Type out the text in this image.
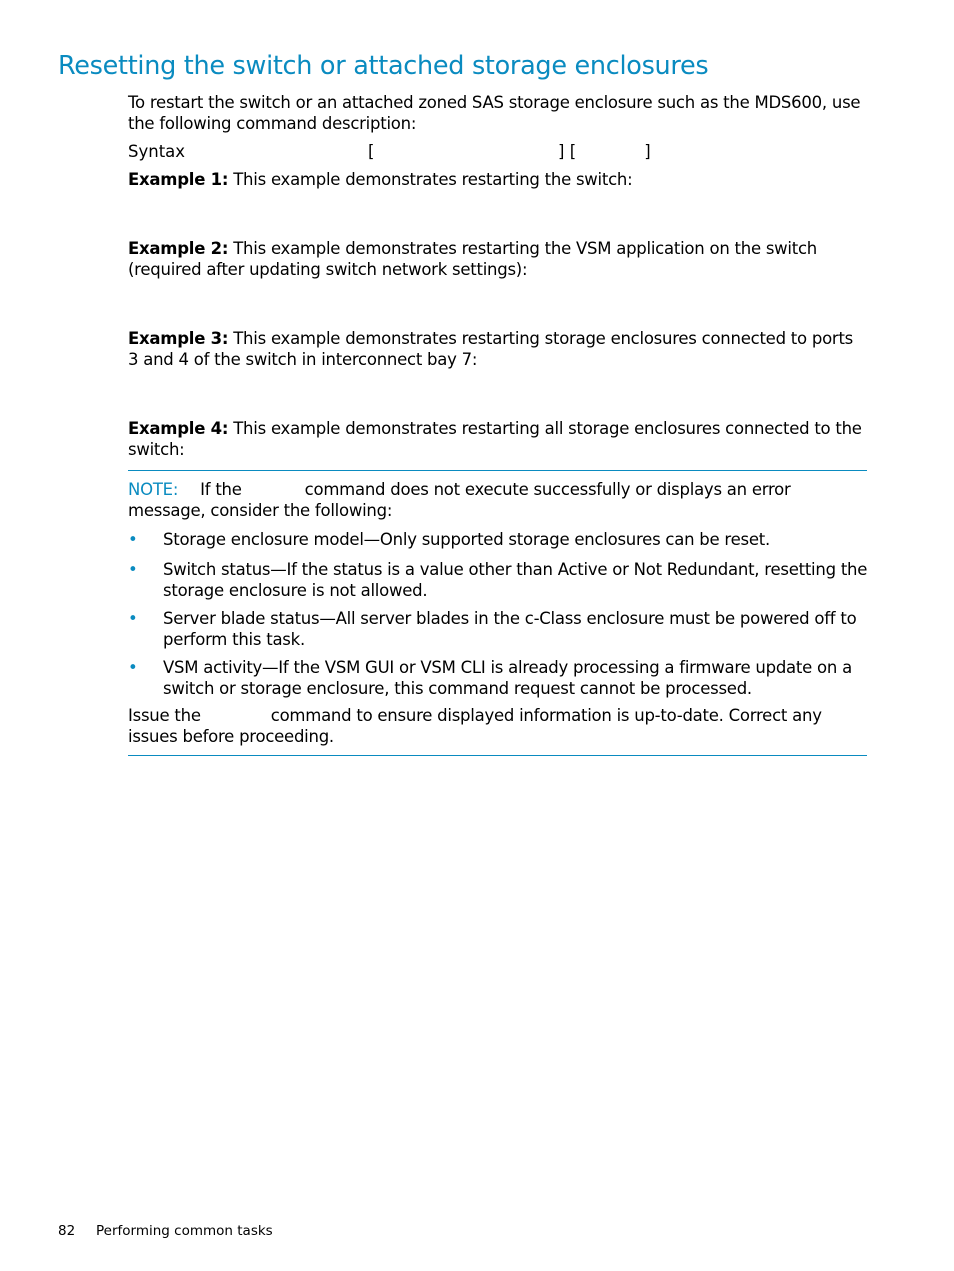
Resetting the switch or attached storage enclosures

To restart the switch or an attached zoned SAS storage enclosure such as the MDS600, use the following command description:

Syntax	[                                   ] [             ]

Example 1: This example demonstrates restarting the switch:

Example 2: This example demonstrates restarting the VSM application on the switch (required after updating switch network settings):

Example 3: This example demonstrates restarting storage enclosures connected to ports 3 and 4 of the switch in interconnect bay 7:

Example 4: This example demonstrates restarting all storage enclosures connected to the switch:

NOTE: If the	command does not execute successfully or displays an error message, consider the following:

• Storage enclosure model—Only supported storage enclosures can be reset.
• Switch status—If the status is a value other than Active or Not Redundant, resetting the storage enclosure is not allowed.
• Server blade status—All server blades in the c-Class enclosure must be powered off to perform this task.
• VSM activity—If the VSM GUI or VSM CLI is already processing a firmware update on a switch or storage enclosure, this command request cannot be processed.

Issue the	command to ensure displayed information is up-to-date. Correct any issues before proceeding.

82 Performing common tasks
